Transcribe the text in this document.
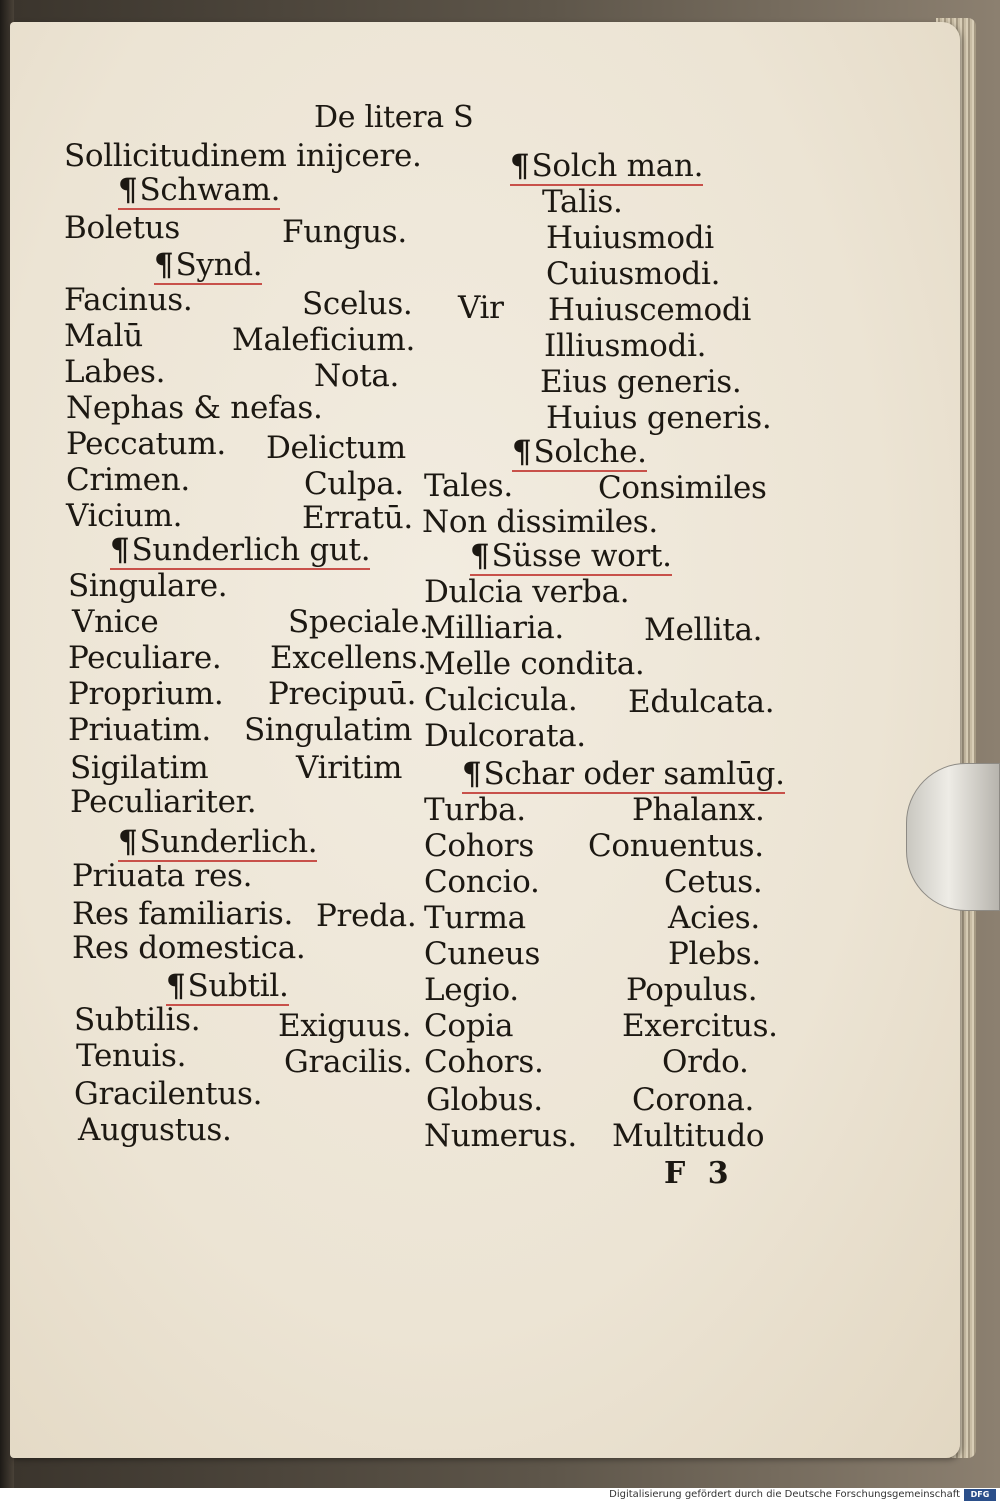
De litera S

Sollicitudinem inijcere.

¶Schwam.

Boletus	Fungus.

¶Synd.

Facinus.	Scelus.

Malū	Maleficium.

Labes.	Nota.

Nephas & nefas.

Peccatum. Delictum

Crimen.	Culpa.

Vicium.	Erratū.

¶Sunderlich gut.

Singulare.

Vnice	Speciale.

Peculiare. Excellens.

Proprium. Precipuū.

Priuatim. Singulatim

Sigilatim	Viritim

Peculiariter.

¶Sunderlich.

Priuata res.

Res familiaris. Preda.

Res domestica.

¶Subtil.

Subtilis.	Exiguus.

Tenuis.	Gracilis.

Gracilentus.

Augustus.

¶Solch man.

Talis.

Huiusmodi

Cuiusmodi.

Vir Huiuscemodi

Illiusmodi.

Eius generis.

Huius generis.

¶Solche.

Tales.	Consimiles

Non dissimiles.

¶Süsse wort.

Dulcia verba.

Milliaria.	Mellita.

Melle condita.

Culcicula. Edulcata.

Dulcorata.

¶Schar oder samlūg.

Turba.	Phalanx.

Cohors Conuentus.

Concio.	Cetus.

Turma	Acies.

Cuneus	Plebs.

Legio.	Populus.

Copia	Exercitus.

Cohors.	Ordo.

Globus.	Corona.

Numerus. Multitudo

F 3

Digitalisierung gefördert durch die Deutsche Forschungsgemeinschaft	DFG
